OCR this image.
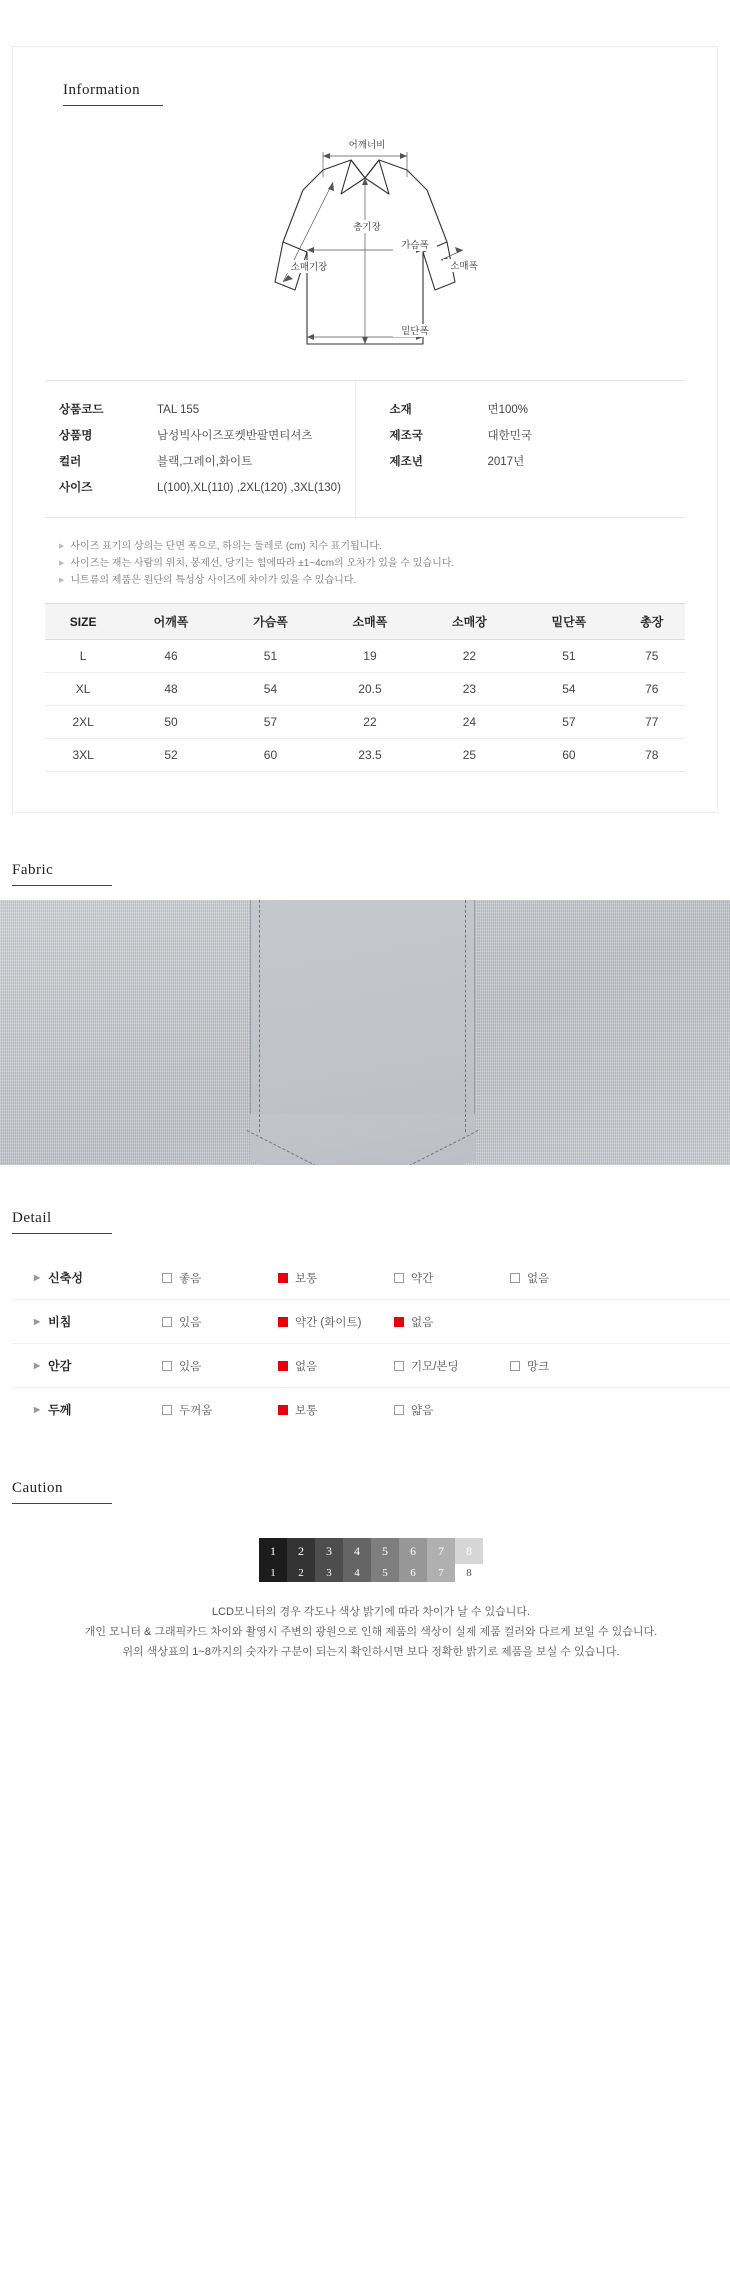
Information
어깨너비
총기장
가슴폭
소매기장	소매폭
밑단폭
상품코드	TAL 155
상품명	남성빅사이즈포켓반팔면티셔츠
컬러	블랙,그레이,화이트
사이즈	L(100),XL(110) ,2XL(120) ,3XL(130)
소재	면100%
제조국	대한민국
제조년	2017년
▶ 사이즈 표기의 상의는 단면 폭으로, 하의는 둘레로 (cm) 치수 표기됩니다.
▶ 사이즈는 재는 사람의 위치, 봉제선, 당기는 힘에따라 ±1~4cm의 오차가 있을 수 있습니다.
▶ 니트류의 제품은 원단의 특성상 사이즈에 차이가 있을 수 있습니다.
SIZE	어깨폭	가슴폭	소매폭	소매장	밑단폭	총장
L	46	51	19	22	51	75
XL	48	54	20.5	23	54	76
2XL	50	57	22	24	57	77
3XL	52	60	23.5	25	60	78
Fabric
Detail
▶ 신축성	좋음	보통	약간	없음
▶ 비침	있음	약간 (화이트)	없음
▶ 안감	있음	없음	기모/본딩	망크
▶ 두께	두꺼움	보통	얇음
Caution
1	2	3	4	5	6	7	8
1	2	3	4	5	6	7	8
LCD모니터의 경우 각도나 색상 밝기에 따라 차이가 날 수 있습니다.
개인 모니터 & 그래픽카드 차이와 촬영시 주변의 광원으로 인해 제품의 색상이 실제 제품 컬러와 다르게 보일 수 있습니다.
위의 색상표의 1~8까지의 숫자가 구분이 되는지 확인하시면 보다 정확한 밝기로 제품을 보실 수 있습니다.
